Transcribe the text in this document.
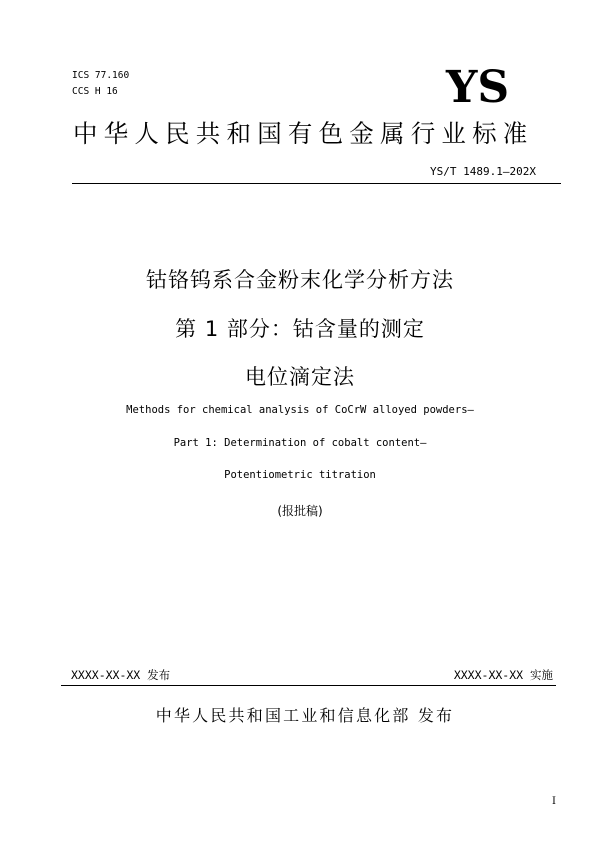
ICS 77.160
CCS H 16	YS
中华人民共和国有色金属行业标准
YS/T 1489.1—202X
钴铬钨系合金粉末化学分析方法
第 1 部分：钴含量的测定
电位滴定法
Methods for chemical analysis of CoCrW alloyed powders—
Part 1: Determination of cobalt content—
Potentiometric titration
(报批稿)
XXXX-XX-XX 发布	XXXX-XX-XX 实施
中华人民共和国工业和信息化部 发布
I
